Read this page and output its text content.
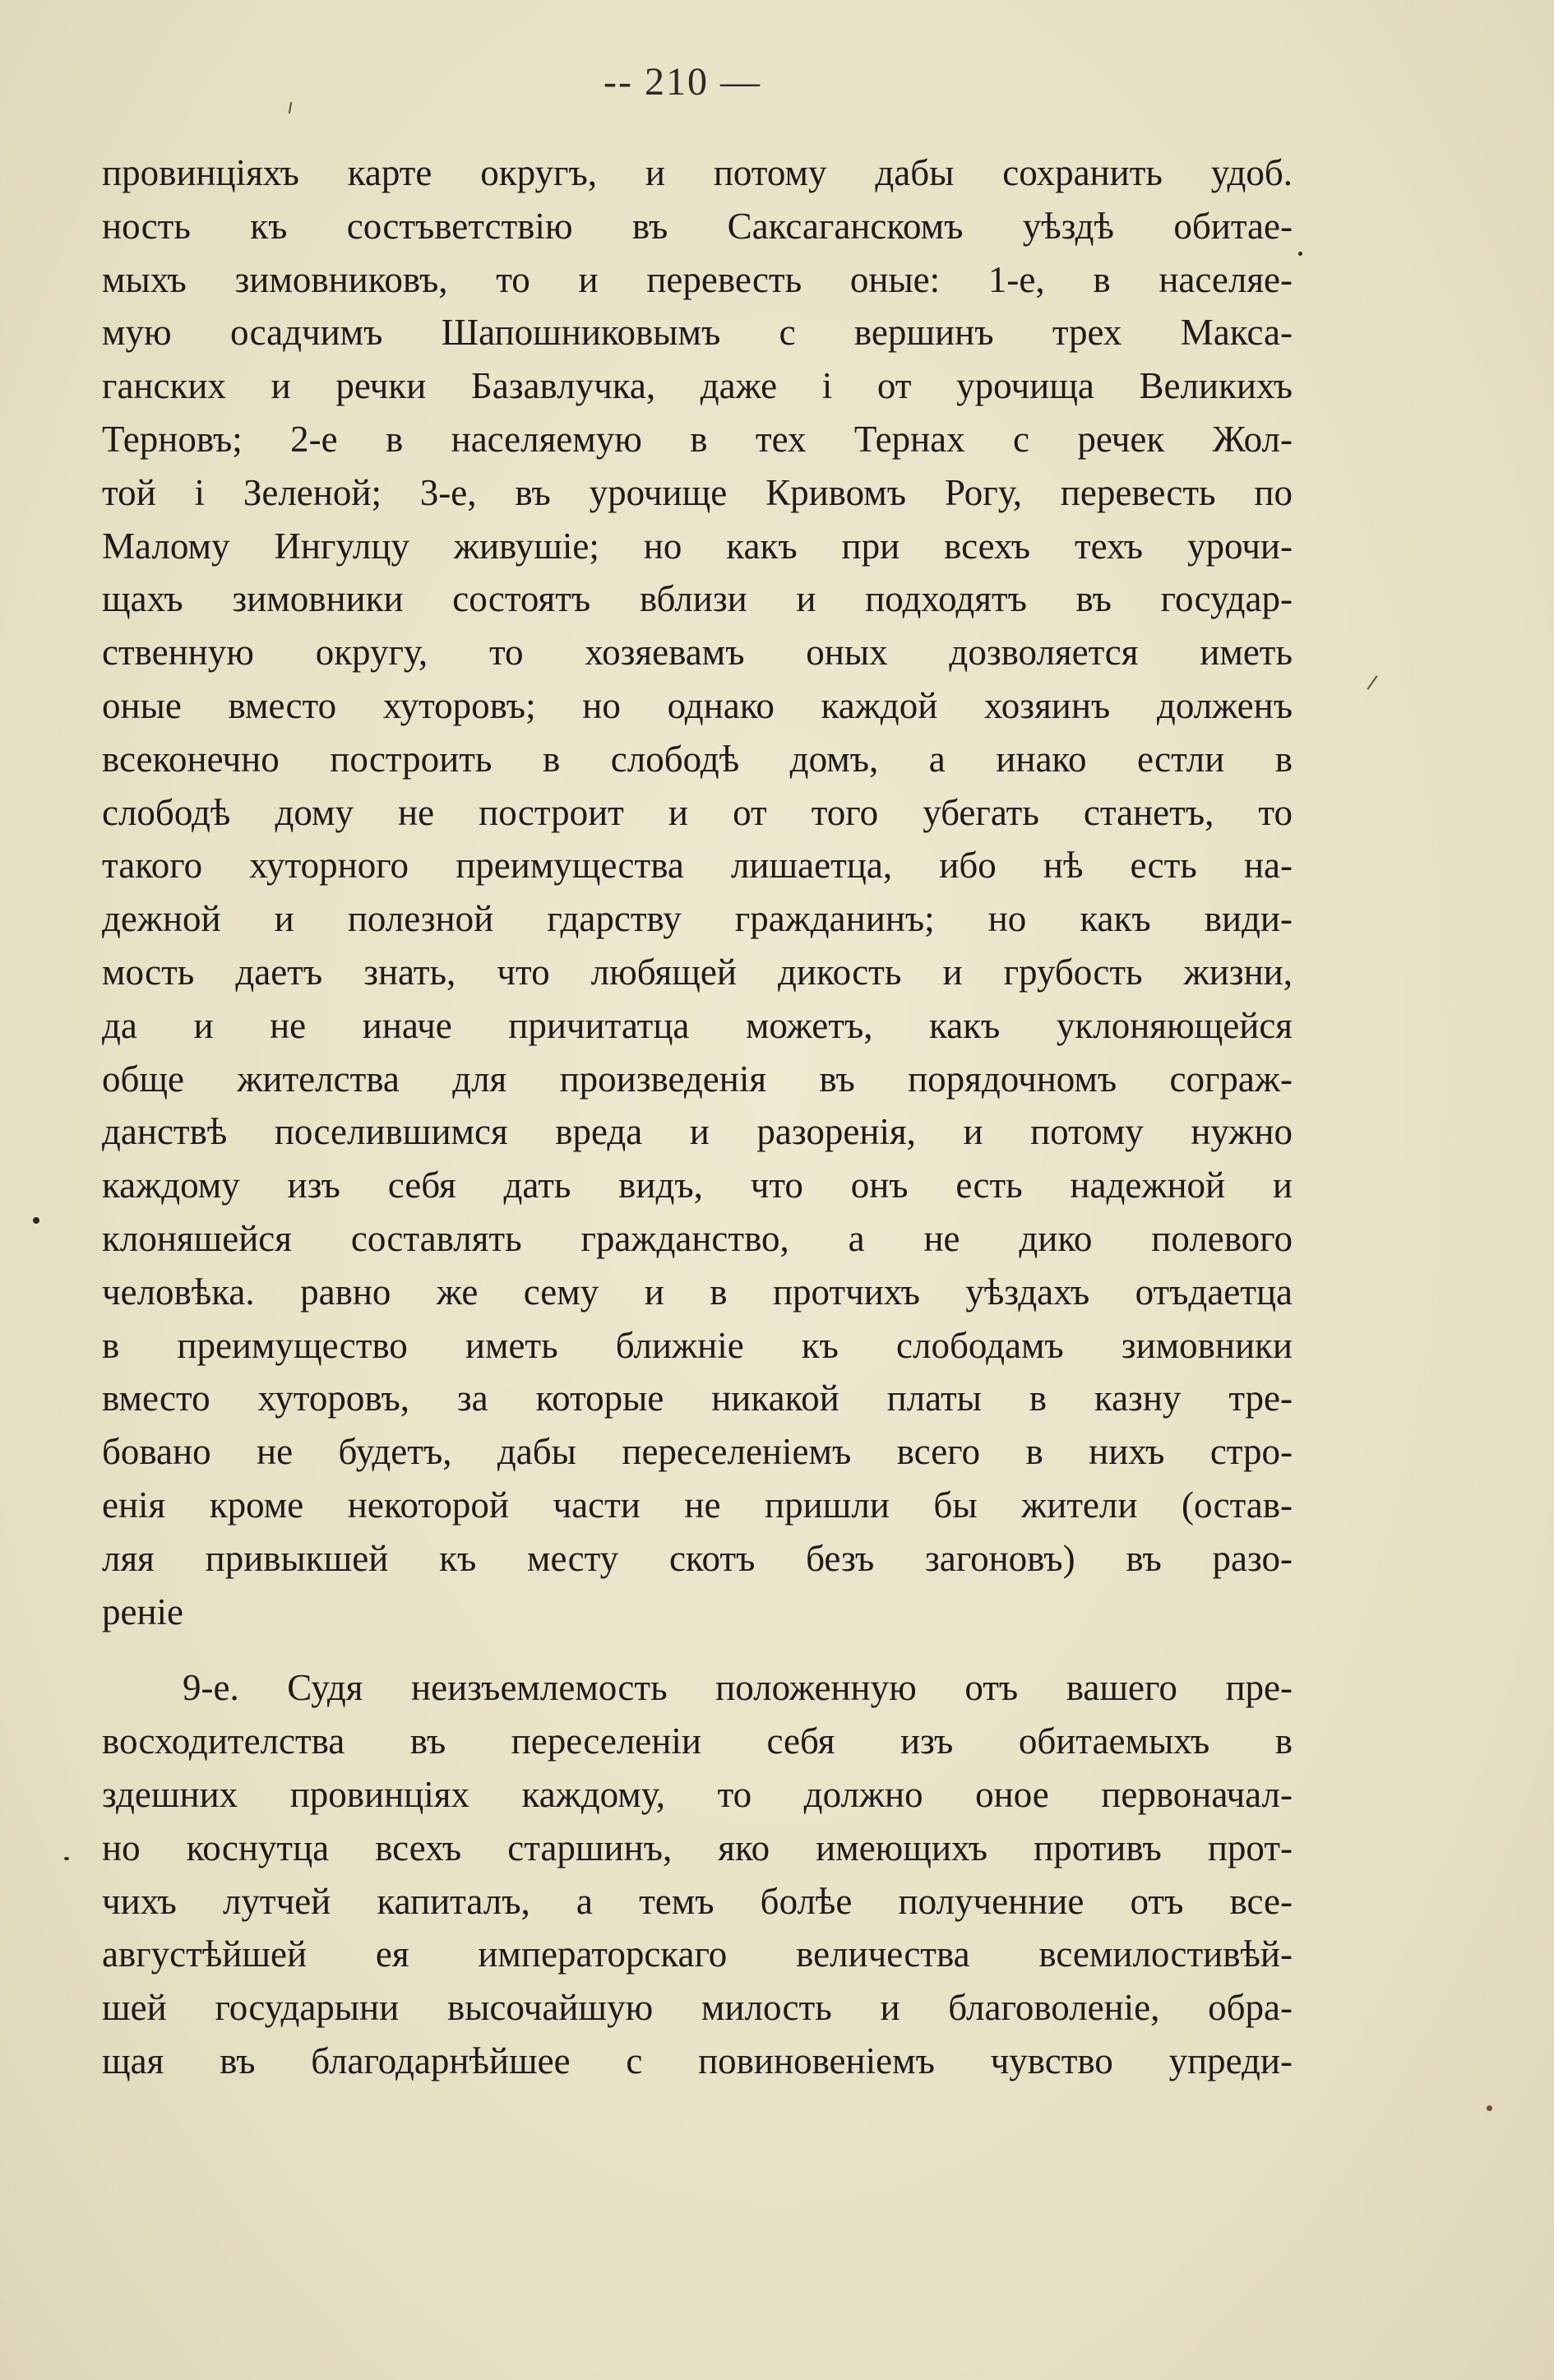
-- 210 —
провинціяхъ карте округъ, и потому дабы сохранить удоб.
ность къ состъветствію въ Саксаганскомъ уѣздѣ обитае-
мыхъ зимовниковъ, то и перевесть оные: 1-е, в населяе-
мую осадчимъ Шапошниковымъ с вершинъ трех Макса-
ганских и речки Базавлучка, даже і от урочища Великихъ
Терновъ; 2-е в населяемую в тех Тернах с речек Жол-
той і Зеленой; 3-е, въ урочище Кривомъ Рогу, перевесть по
Малому Ингулцу живушіе; но какъ при всехъ техъ урочи-
щахъ зимовники состоятъ вблизи и подходятъ въ государ-
ственную округу, то хозяевамъ оных дозволяется иметь
оные вместо хуторовъ; но однако каждой хозяинъ долженъ
всеконечно построить в слободѣ домъ, а инако естли в
слободѣ дому не построит и от того убегать станетъ, то
такого хуторного преимущества лишаетца, ибо нѣ есть на-
дежной и полезной гдарству гражданинъ; но какъ види-
мость даетъ знать, что любящей дикость и грубость жизни,
да и не иначе причитатца можетъ, какъ уклоняющейся
обще жителства для произведенія въ порядочномъ сограж-
данствѣ поселившимся вреда и разоренія, и потому нужно
каждому изъ себя дать видъ, что онъ есть надежной и
клоняшейся составлять гражданство, а не дико полевого
человѣка. равно же сему и в протчихъ уѣздахъ отъдаетца
в преимущество иметь ближніе къ слободамъ зимовники
вместо хуторовъ, за которые никакой платы в казну тре-
бовано не будетъ, дабы переселеніемъ всего в нихъ стро-
енія кроме некоторой части не пришли бы жители (остав-
ляя привыкшей къ месту скотъ безъ загоновъ) въ разо-
реніе
9-е. Судя неизъемлемость положенную отъ вашего пре-
восходителства въ переселеніи себя изъ обитаемыхъ в
здешних провинціях каждому, то должно оное первоначал-
но коснутца всехъ старшинъ, яко имеющихъ противъ прот-
чихъ лутчей капиталъ, а темъ болѣе полученние отъ все-
августѣйшей ея императорскаго величества всемилостивѣй-
шей государыни высочайшую милость и благоволеніе, обра-
щая въ благодарнѣйшее с повиновеніемъ чувство упреди-
